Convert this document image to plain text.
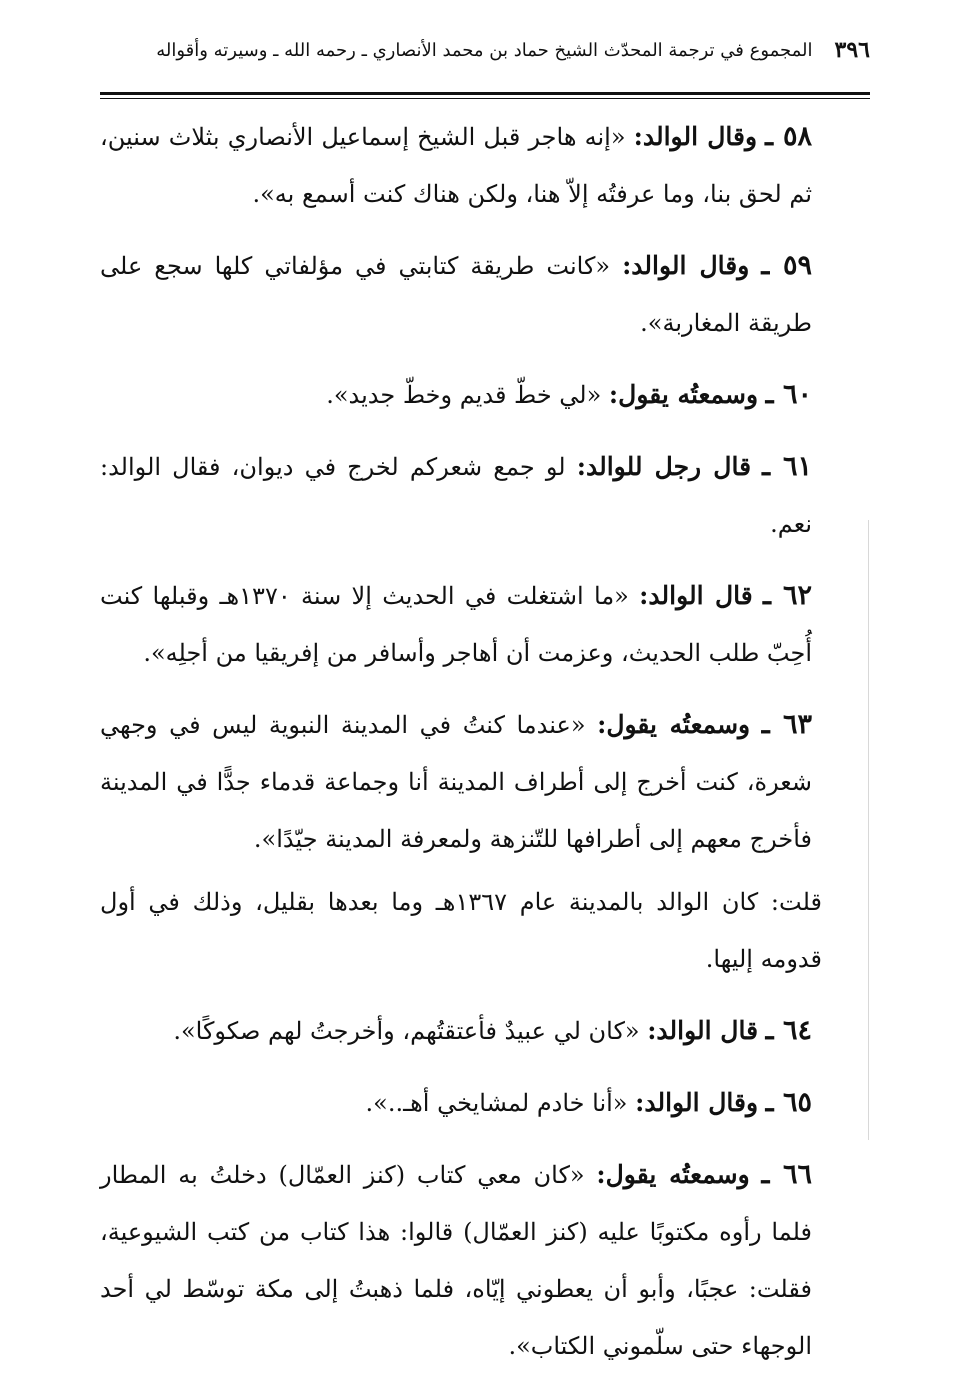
٣٩٦
المجموع في ترجمة المحدّث الشيخ حماد بن محمد الأنصاري ـ رحمه الله ـ وسيرته وأقواله

٥٨ ـ وقال الوالد: «إنه هاجر قبل الشيخ إسماعيل الأنصاري بثلاث سنين، ثم لحق بنا، وما عرفتُه إلاّ هنا، ولكن هناك كنت أسمع به».

٥٩ ـ وقال الوالد: «كانت طريقة كتابتي في مؤلفاتي كلها سجع على طريقة المغاربة».

٦٠ ـ وسمعتُه يقول: «لي خطّ قديم وخطّ جديد».

٦١ ـ قال رجل للوالد: لو جمع شعركم لخرج في ديوان، فقال الوالد: نعم.

٦٢ ـ قال الوالد: «ما اشتغلت في الحديث إلا سنة ١٣٧٠هـ وقبلها كنت أُحِبّ طلب الحديث، وعزمت أن أهاجر وأسافر من إفريقيا من أجلِه».

٦٣ ـ وسمعتُه يقول: «عندما كنتُ في المدينة النبوية ليس في وجهي شعرة، كنت أخرج إلى أطراف المدينة أنا وجماعة قدماء جدًّا في المدينة فأخرج معهم إلى أطرافها للتّنزهة ولمعرفة المدينة جيّدًا».

قلت: كان الوالد بالمدينة عام ١٣٦٧هـ وما بعدها بقليل، وذلك في أول قدومه إليها.

٦٤ ـ قال الوالد: «كان لي عبيدٌ فأعتقتُهم، وأخرجتُ لهم صكوكًا».

٦٥ ـ وقال الوالد: «أنا خادم لمشايخي أهـ..».

٦٦ ـ وسمعتُه يقول: «كان معي كتاب (كنز العمّال) دخلتُ به المطار فلما رأوه مكتوبًا عليه (كنز العمّال) قالوا: هذا كتاب من كتب الشيوعية، فقلت: عجبًا، وأبو أن يعطوني إيّاه، فلما ذهبتُ إلى مكة توسّط لي أحد الوجهاء حتى سلّموني الكتاب».
